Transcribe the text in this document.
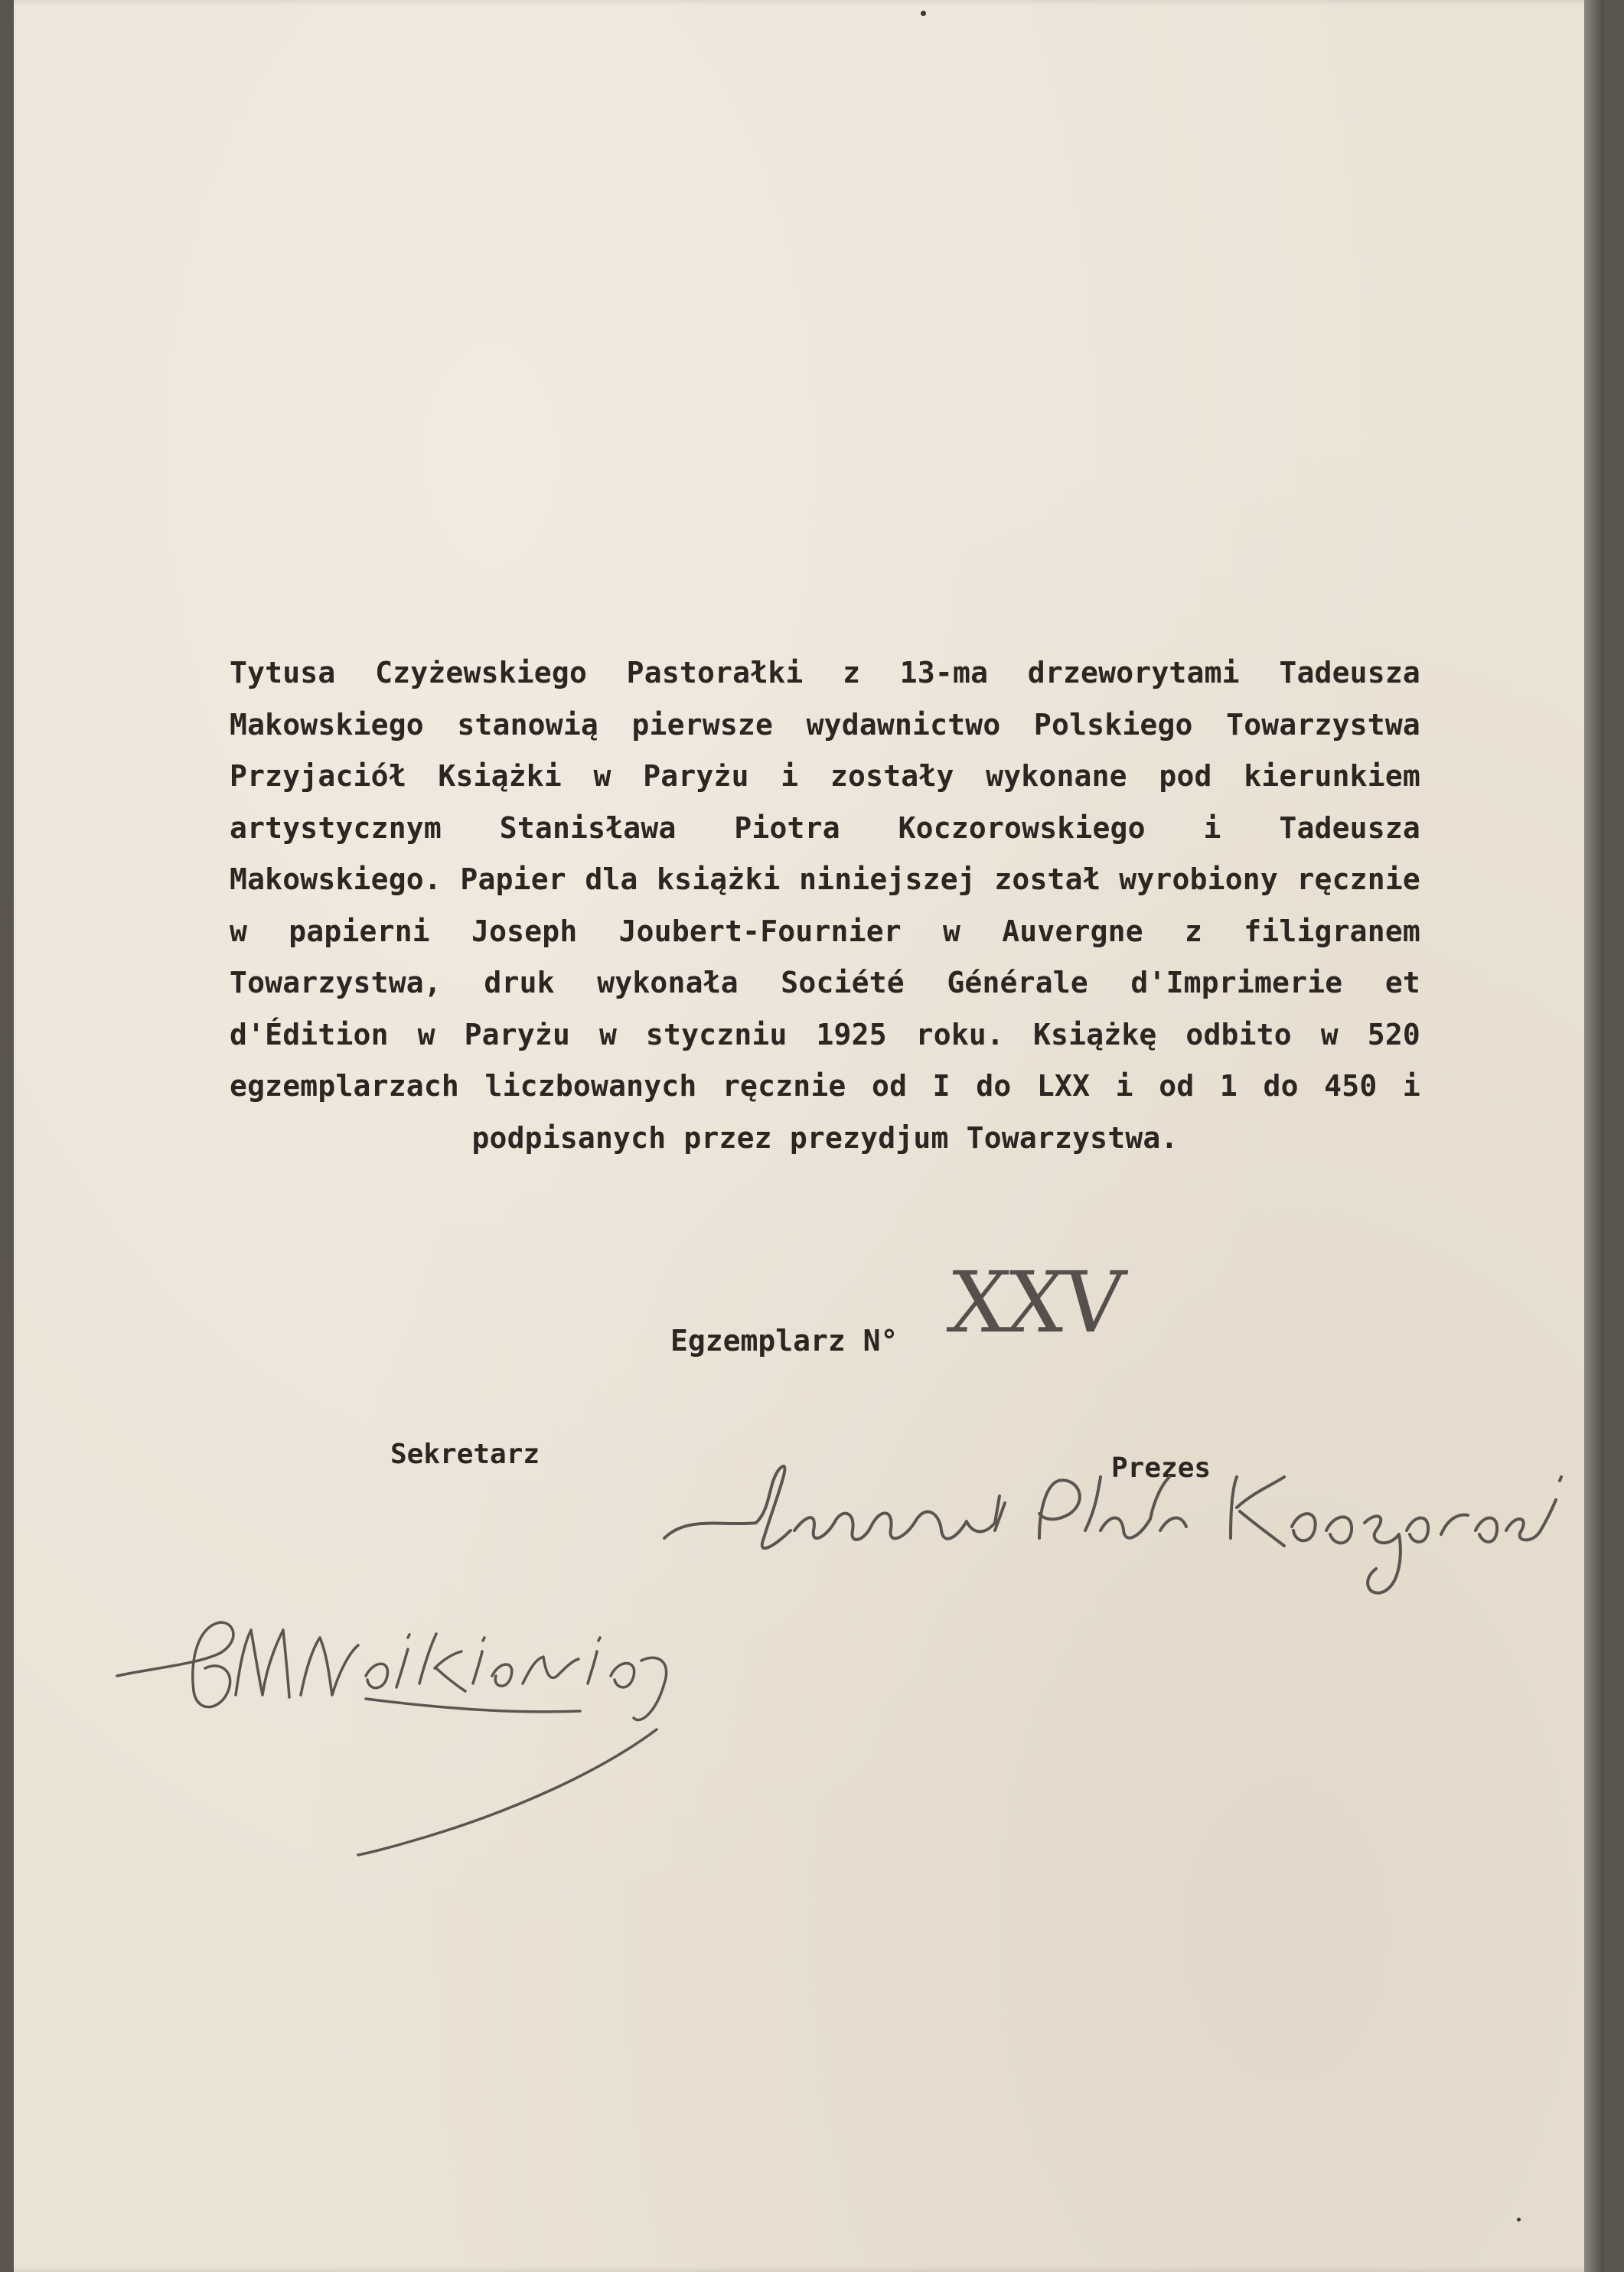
Tytusa Czyżewskiego Pastorałki z 13-ma drzeworytami Tadeusza Makowskiego stanowią pierwsze wydawnictwo Polskiego Towarzystwa Przyjaciół Książki w Paryżu i zostały wykonane pod kierunkiem artystycznym Stanisława Piotra Koczorowskiego i Tadeusza Makowskiego. Papier dla książki niniejszej został wyrobiony ręcznie w papierni Joseph Joubert-Fournier w Auvergne z filigranem Towarzystwa, druk wykonała Société Générale d'Imprimerie et d'Édition w Paryżu w styczniu 1925 roku. Książkę odbito w 520 egzemplarzach liczbowanych ręcznie od I do LXX i od 1 do 450 i podpisanych przez prezydjum Towarzystwa.

Egzemplarz N° XXV
Sekretarz	Prezes
